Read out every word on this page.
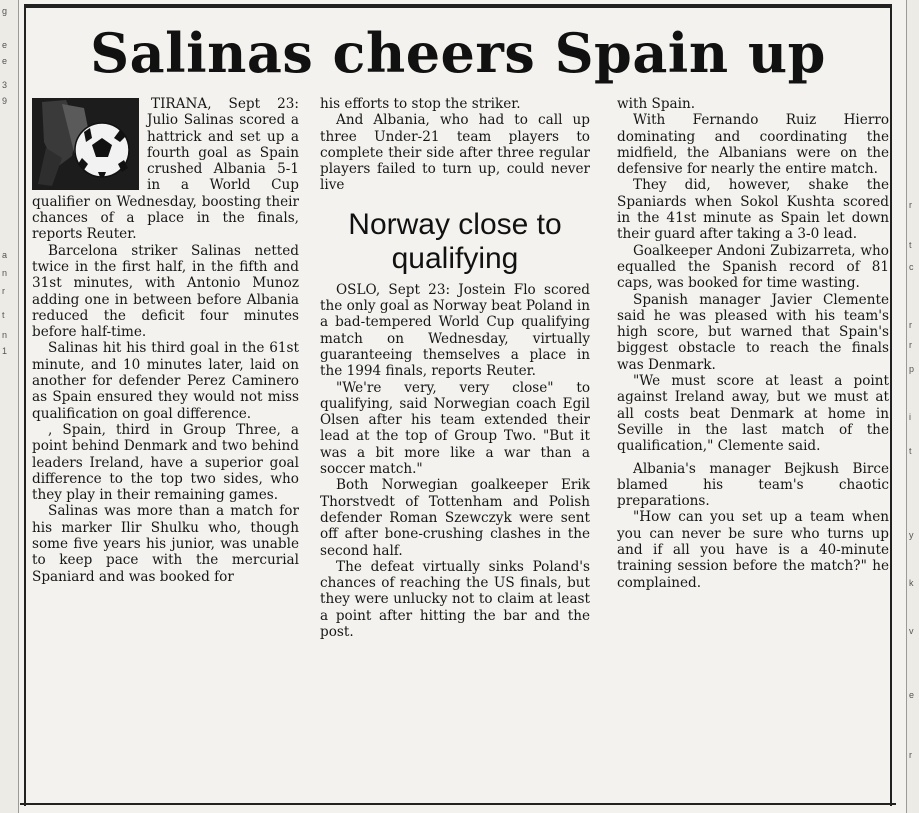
g
e
e
3
9
a
n
r
t
n
1
r
t
c
r
r
p
i
t
y
k
v
e
r
Salinas cheers Spain up

TIRANA, Sept 23: Julio Salinas scored a hattrick and set up a fourth goal as Spain crushed Albania 5-1 in a World Cup qualifier on Wednesday, boosting their chances of a place in the finals, reports Reuter.

Barcelona striker Salinas netted twice in the first half, in the fifth and 31st minutes, with Antonio Munoz adding one in between before Albania reduced the deficit four minutes before half-time.

Salinas hit his third goal in the 61st minute, and 10 minutes later, laid on another for defender Perez Caminero as Spain ensured they would not miss qualification on goal difference.

, Spain, third in Group Three, a point behind Denmark and two behind leaders Ireland, have a superior goal difference to the top two sides, who they play in their remaining games.

Salinas was more than a match for his marker Ilir Shulku who, though some five years his junior, was unable to keep pace with the mercurial Spaniard and was booked for

his efforts to stop the striker.

And Albania, who had to call up three Under-21 team players to complete their side after three regular players failed to turn up, could never live

Norway close to qualifying

OSLO, Sept 23: Jostein Flo scored the only goal as Norway beat Poland in a bad-tempered World Cup qualifying match on Wednesday, virtually guaranteeing themselves a place in the 1994 finals, reports Reuter.

"We're very, very close" to qualifying, said Norwegian coach Egil Olsen after his team extended their lead at the top of Group Two. "But it was a bit more like a war than a soccer match."

Both Norwegian goalkeeper Erik Thorstvedt of Tottenham and Polish defender Roman Szewczyk were sent off after bone-crushing clashes in the second half.

The defeat virtually sinks Poland's chances of reaching the US finals, but they were unlucky not to claim at least a point after hitting the bar and the post.

with Spain.

With Fernando Ruiz Hierro dominating and coordinating the midfield, the Albanians were on the defensive for nearly the entire match.

They did, however, shake the Spaniards when Sokol Kushta scored in the 41st minute as Spain let down their guard after taking a 3-0 lead.

Goalkeeper Andoni Zubizarreta, who equalled the Spanish record of 81 caps, was booked for time wasting.

Spanish manager Javier Clemente said he was pleased with his team's high score, but warned that Spain's biggest obstacle to reach the finals was Denmark.

"We must score at least a point against Ireland away, but we must at all costs beat Denmark at home in Seville in the last match of the qualification," Clemente said.

Albania's manager Bejkush Birce blamed his team's chaotic preparations.

"How can you set up a team when you can never be sure who turns up and if all you have is a 40-minute training session before the match?" he complained.
